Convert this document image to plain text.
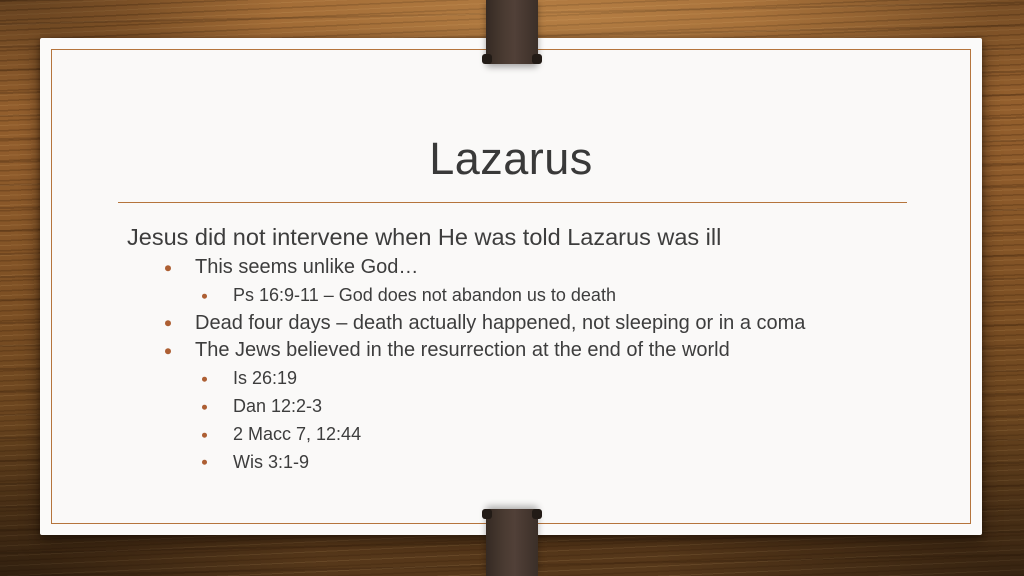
Lazarus
Jesus did not intervene when He was told Lazarus was ill
This seems unlike God…
Ps 16:9-11 – God does not abandon us to death
Dead four days – death actually happened, not sleeping or in a coma
The Jews believed in the resurrection at the end of the world
Is 26:19
Dan 12:2-3
2 Macc 7, 12:44
Wis 3:1-9
